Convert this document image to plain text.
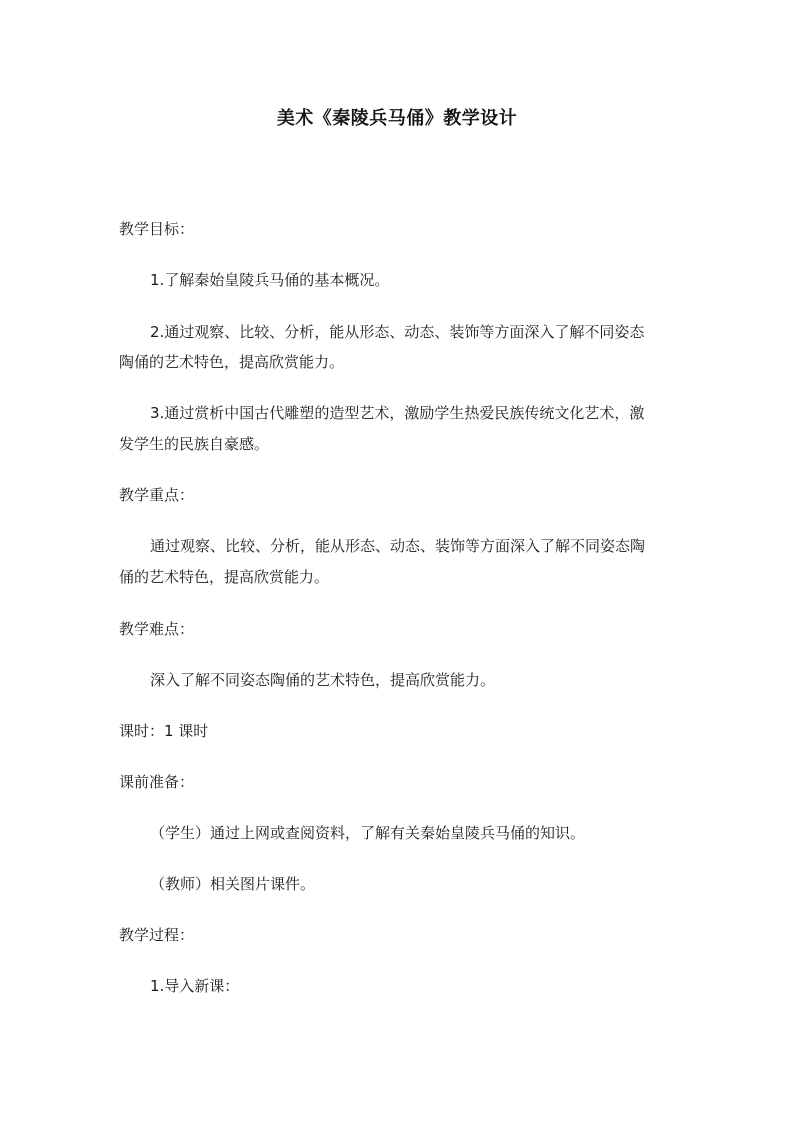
美术《秦陵兵马俑》教学设计
教学目标：
1.了解秦始皇陵兵马俑的基本概况。
2.通过观察、比较、分析，能从形态、动态、装饰等方面深入了解不同姿态
陶俑的艺术特色，提高欣赏能力。
3.通过赏析中国古代雕塑的造型艺术，激励学生热爱民族传统文化艺术，激
发学生的民族自豪感。
教学重点：
通过观察、比较、分析，能从形态、动态、装饰等方面深入了解不同姿态陶
俑的艺术特色，提高欣赏能力。
教学难点：
深入了解不同姿态陶俑的艺术特色，提高欣赏能力。
课时：1 课时
课前准备：
（学生）通过上网或查阅资料，了解有关秦始皇陵兵马俑的知识。
（教师）相关图片课件。
教学过程：
1.导入新课：
